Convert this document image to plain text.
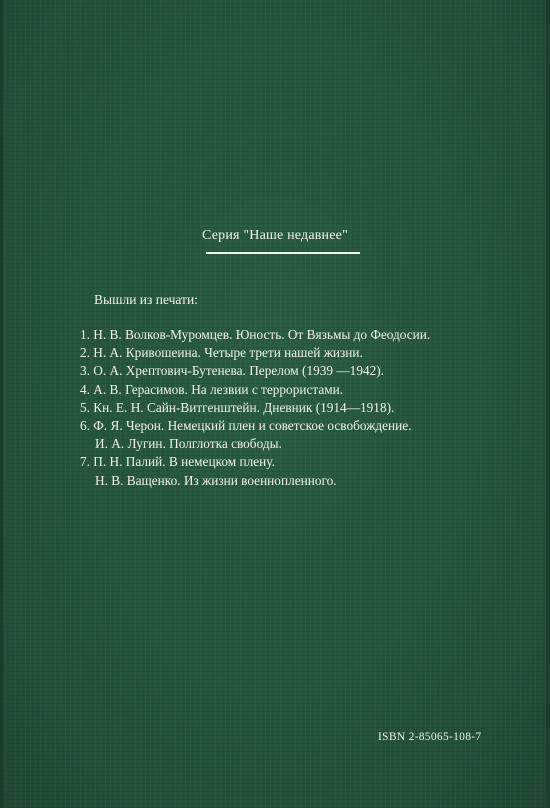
Серия "Наше недавнее"
Вышли из печати:
1. Н. В. Волков-Муромцев. Юность. От Вязьмы до Феодосии.
2. Н. А. Кривошеина. Четыре трети нашей жизни.
3. О. А. Хрептович-Бутенева. Перелом (1939 —1942).
4. А. В. Герасимов. На лезвии с террористами.
5. Кн. Е. Н. Сайн-Витгенштейн. Дневник (1914—1918).
6. Ф. Я. Черон. Немецкий плен и советское освобождение.
И. А. Лугин. Полглотка свободы.
7. П. Н. Палий. В немецком плену.
Н. В. Ващенко. Из жизни военнопленного.
ISBN 2-85065-108-7
